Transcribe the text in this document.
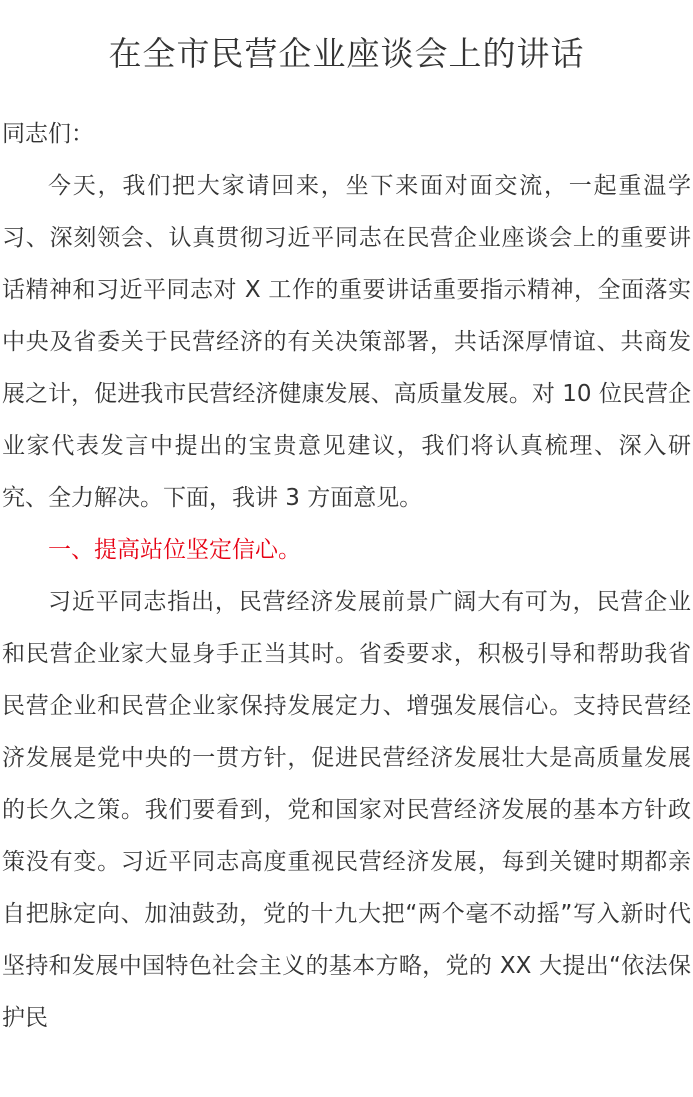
在全市民营企业座谈会上的讲话

同志们：

今天，我们把大家请回来，坐下来面对面交流，一起重温学习、深刻领会、认真贯彻习近平同志在民营企业座谈会上的重要讲话精神和习近平同志对 X 工作的重要讲话重要指示精神，全面落实中央及省委关于民营经济的有关决策部署，共话深厚情谊、共商发展之计，促进我市民营经济健康发展、高质量发展。对 10 位民营企业家代表发言中提出的宝贵意见建议，我们将认真梳理、深入研究、全力解决。下面，我讲 3 方面意见。

一、提高站位坚定信心。

习近平同志指出，民营经济发展前景广阔大有可为，民营企业和民营企业家大显身手正当其时。省委要求，积极引导和帮助我省民营企业和民营企业家保持发展定力、增强发展信心。支持民营经济发展是党中央的一贯方针，促进民营经济发展壮大是高质量发展的长久之策。我们要看到，党和国家对民营经济发展的基本方针政策没有变。习近平同志高度重视民营经济发展，每到关键时期都亲自把脉定向、加油鼓劲，党的十九大把“两个毫不动摇”写入新时代坚持和发展中国特色社会主义的基本方略，党的 XX 大提出“依法保护民
